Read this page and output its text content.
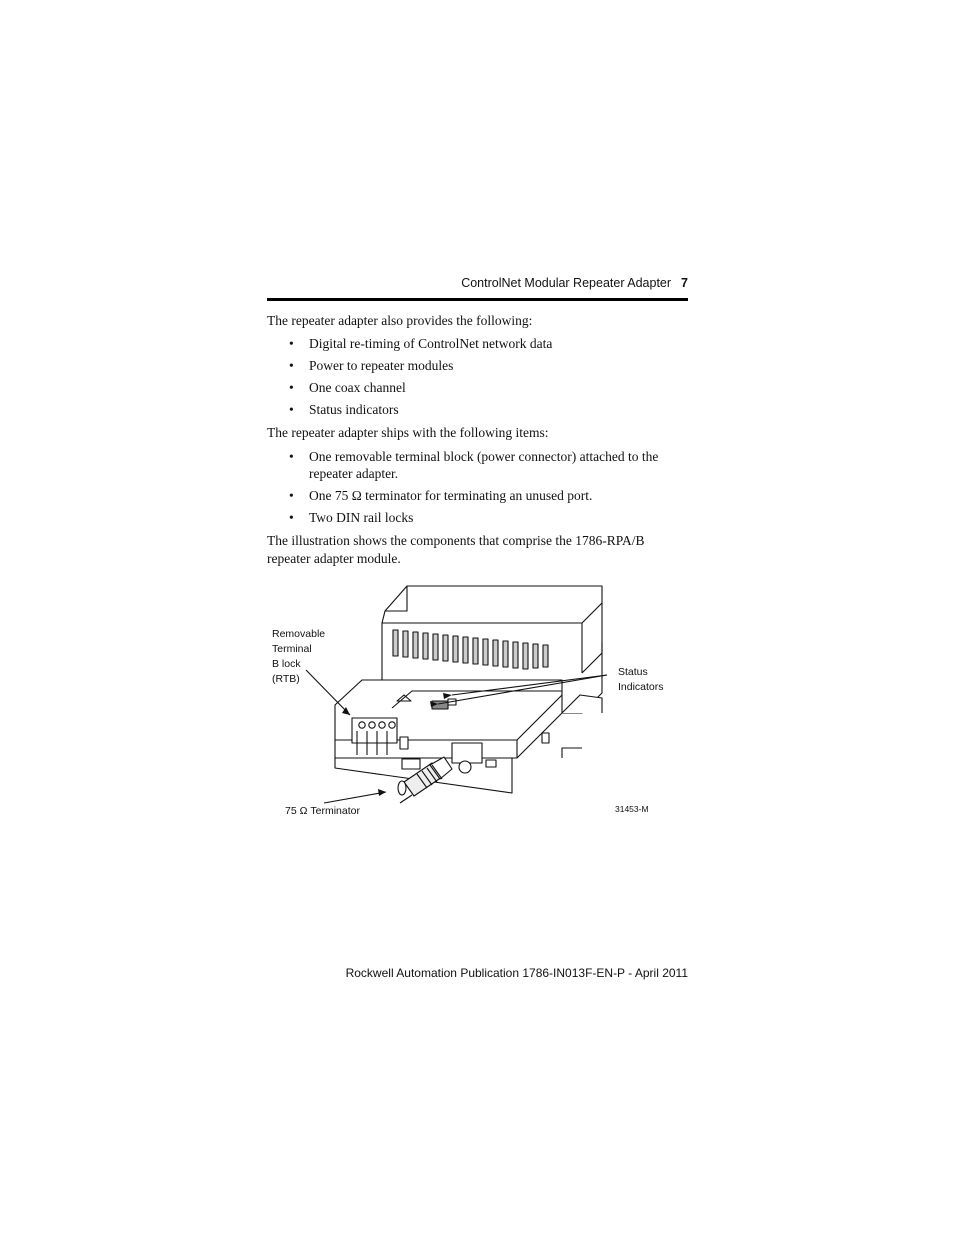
ControlNet Modular Repeater Adapter 7

The repeater adapter also provides the following:

• Digital re-timing of ControlNet network data
• Power to repeater modules
• One coax channel
• Status indicators

The repeater adapter ships with the following items:

• One removable terminal block (power connector) attached to the repeater adapter.
• One 75 Ω terminator for terminating an unused port.
• Two DIN rail locks

The illustration shows the components that comprise the 1786-RPA/B repeater adapter module.

Removable
Terminal
B lock
(RTB)
Status
Indicators
75 Ω Terminator	31453-M
Rockwell Automation Publication 1786-IN013F-EN-P - April 2011
